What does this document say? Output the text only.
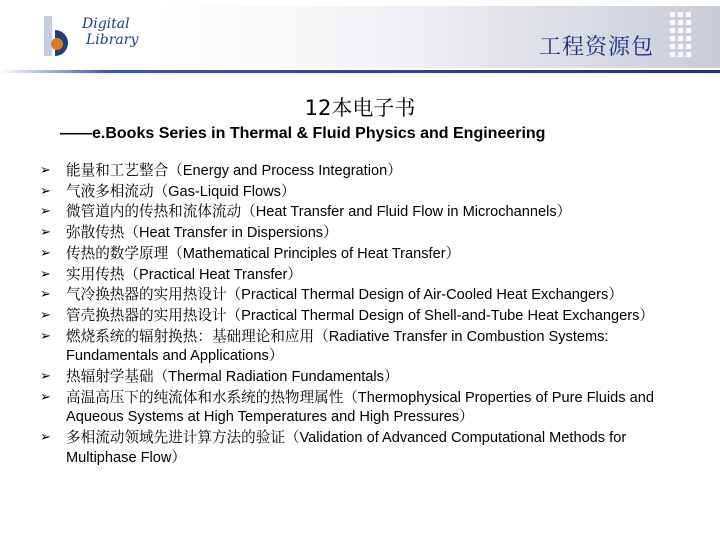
Digital
Library	工程资源包
12本电子书
——e.Books Series in Thermal & Fluid Physics and Engineering
➢ 能量和工艺整合（Energy and Process Integration）
➢ 气液多相流动（Gas-Liquid Flows）
➢ 微管道内的传热和流体流动（Heat Transfer and Fluid Flow in Microchannels）
➢ 弥散传热（Heat Transfer in Dispersions）
➢ 传热的数学原理（Mathematical Principles of Heat Transfer）
➢ 实用传热（Practical Heat Transfer）
➢ 气冷换热器的实用热设计（Practical Thermal Design of Air-Cooled Heat Exchangers）
➢ 管壳换热器的实用热设计（Practical Thermal Design of Shell-and-Tube Heat Exchangers）
➢ 燃烧系统的辐射换热：基础理论和应用（Radiative Transfer in Combustion Systems: Fundamentals and Applications）
➢ 热辐射学基础（Thermal Radiation Fundamentals）
➢ 高温高压下的纯流体和水系统的热物理属性（Thermophysical Properties of Pure Fluids and Aqueous Systems at High Temperatures and High Pressures）
➢ 多相流动领域先进计算方法的验证（Validation of Advanced Computational Methods for Multiphase Flow）
